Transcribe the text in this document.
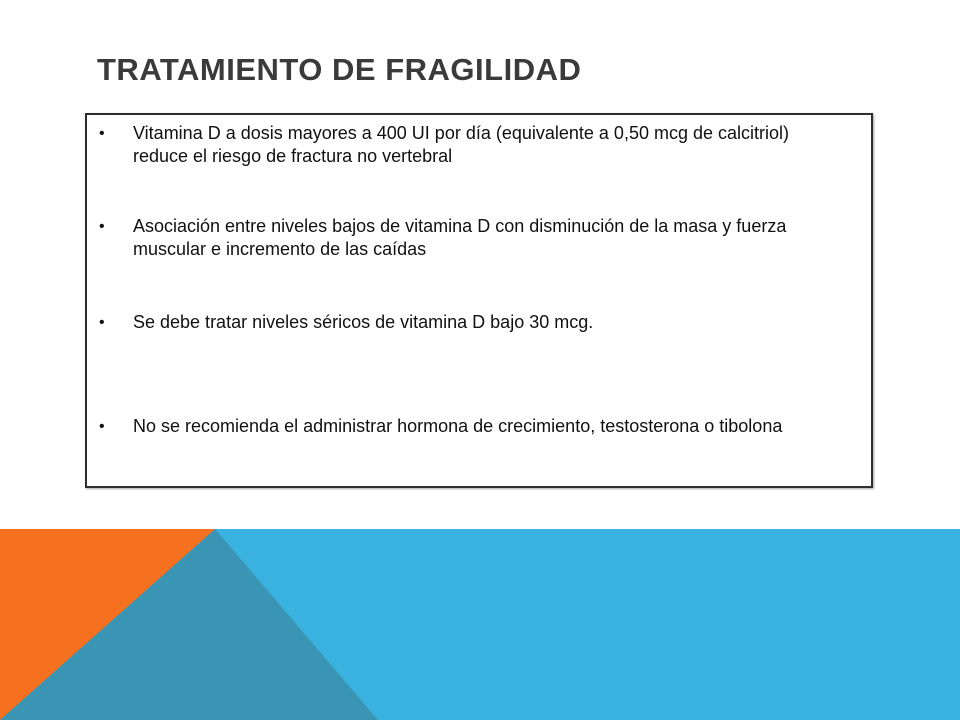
TRATAMIENTO DE FRAGILIDAD
•	Vitamina D a dosis mayores a 400 UI por día (equivalente a 0,50 mcg de calcitriol) reduce el riesgo de fractura no vertebral
•	Asociación entre niveles bajos de vitamina D con disminución de la masa y fuerza muscular e incremento de las caídas
•	Se debe tratar niveles séricos de vitamina D bajo 30 mcg.
•	No se recomienda el administrar hormona de crecimiento, testosterona o tibolona
